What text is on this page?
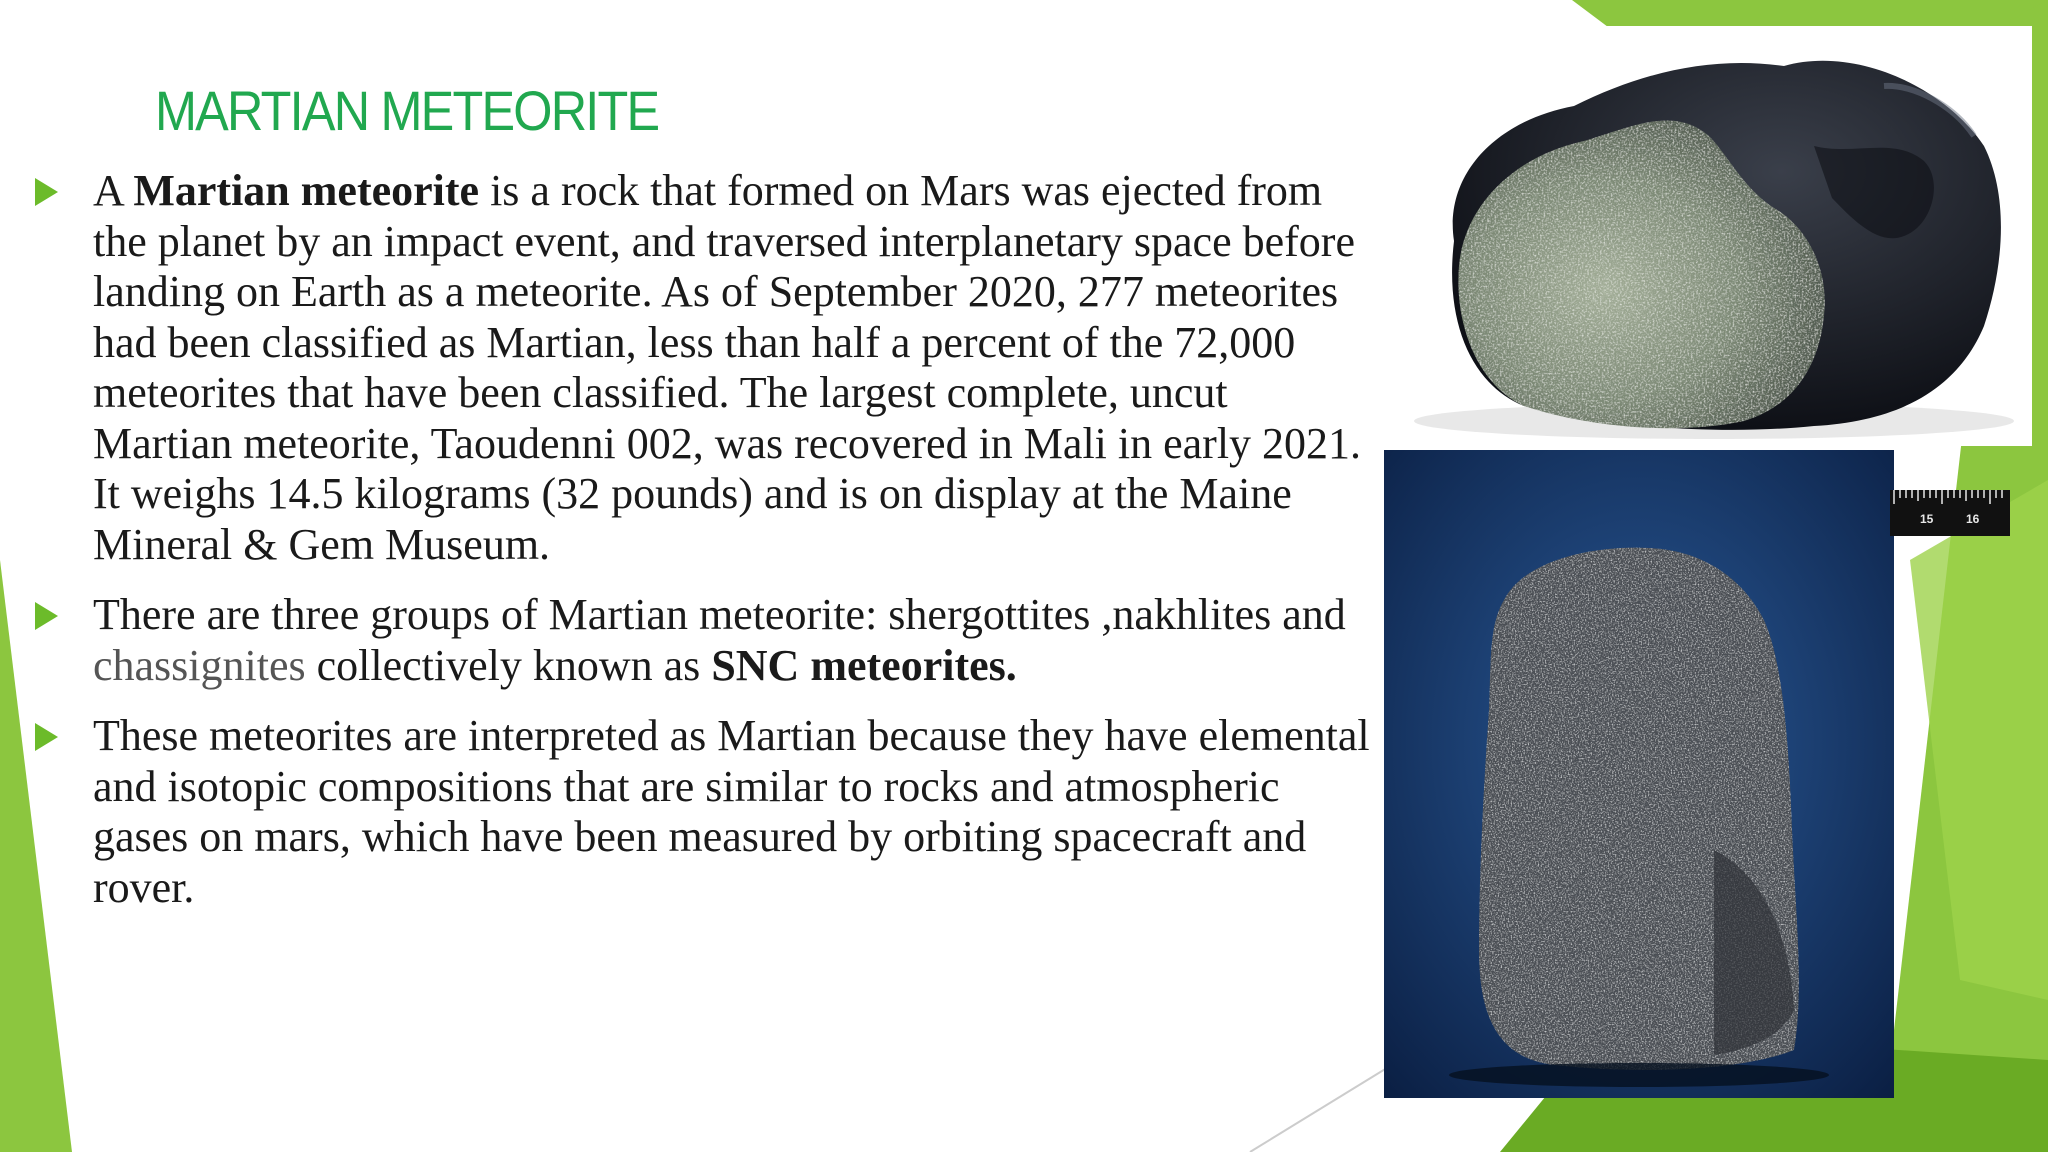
MARTIAN METEORITE
A Martian meteorite is a rock that formed on Mars was ejected from the planet by an impact event, and traversed interplanetary space before landing on Earth as a meteorite. As of September 2020, 277 meteorites had been classified as Martian, less than half a percent of the 72,000 meteorites that have been classified. The largest complete, uncut Martian meteorite, Taoudenni 002, was recovered in Mali in early 2021. It weighs 14.5 kilograms (32 pounds) and is on display at the Maine Mineral & Gem Museum.
There are three groups of Martian meteorite: shergottites ,nakhlites and chassignites collectively known as SNC meteorites.
These meteorites are interpreted as Martian because they have elemental and isotopic compositions that are similar to rocks and atmospheric gases on mars, which have been measured by orbiting spacecraft and rover.
15	16
